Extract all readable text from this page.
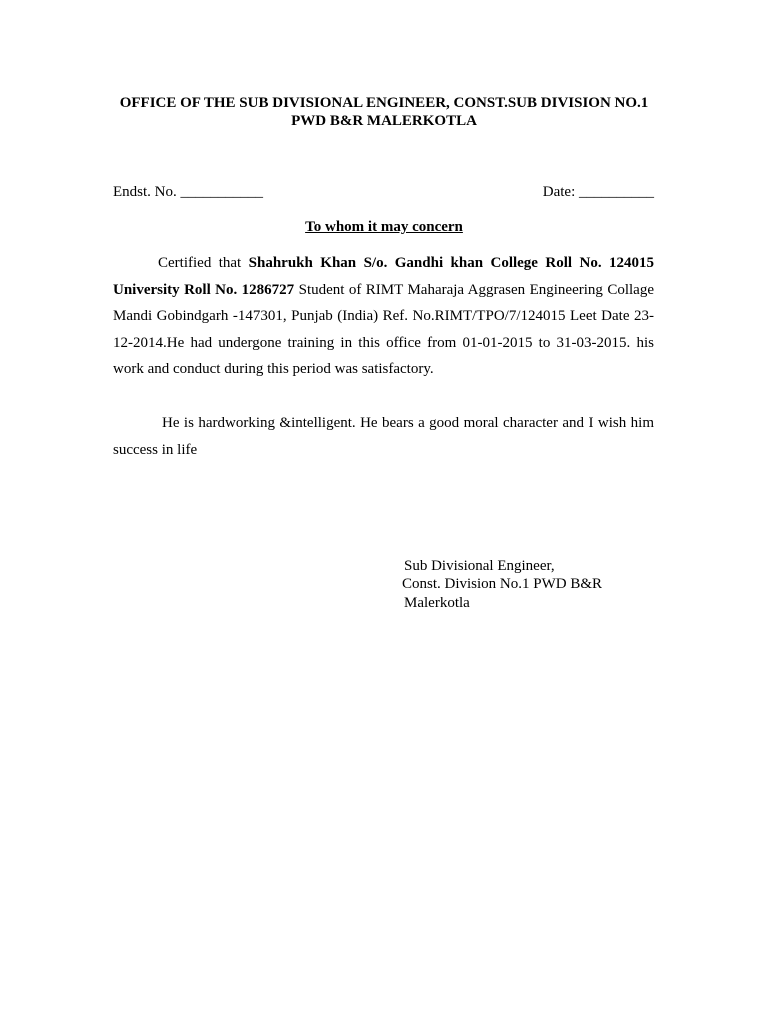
OFFICE OF THE SUB DIVISIONAL ENGINEER, CONST.SUB DIVISION NO.1
PWD B&R MALERKOTLA
Endst. No. ___________	Date: __________
To whom it may concern
Certified that Shahrukh Khan S/o. Gandhi khan College Roll No. 124015 University Roll No. 1286727 Student of RIMT Maharaja Aggrasen Engineering Collage Mandi Gobindgarh -147301, Punjab (India) Ref. No.RIMT/TPO/7/124015 Leet Date 23-12-2014.He had undergone training in this office from 01-01-2015 to 31-03-2015. his work and conduct during this period was satisfactory.
He is hardworking &intelligent. He bears a good moral character and I wish him success in life
Sub Divisional Engineer,
Const. Division No.1 PWD B&R
Malerkotla
